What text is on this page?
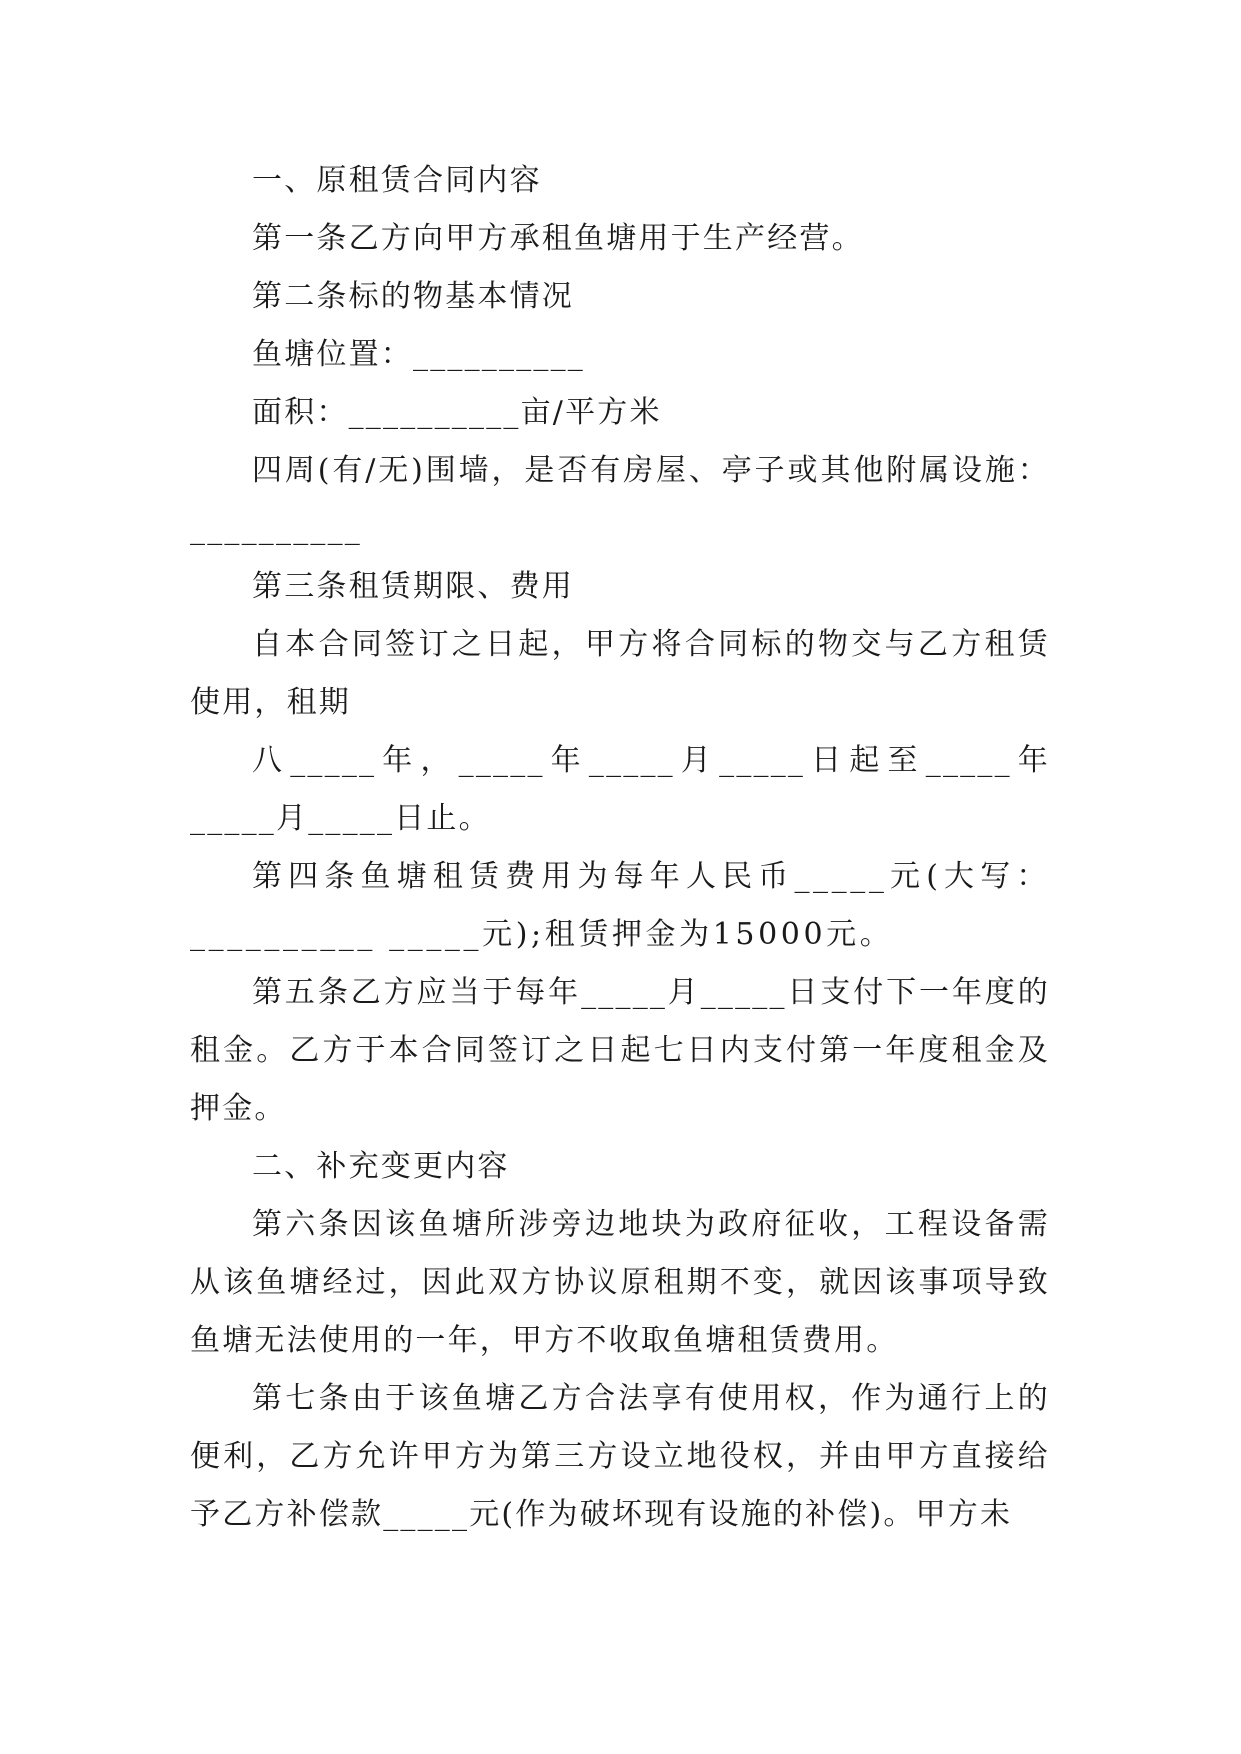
一、原租赁合同内容

第一条乙方向甲方承租鱼塘用于生产经营。

第二条标的物基本情况

鱼塘位置：__________

面积：__________亩/平方米

四周(有/无)围墙，是否有房屋、亭子或其他附属设施：__________

第三条租赁期限、费用

自本合同签订之日起，甲方将合同标的物交与乙方租赁使用，租期

八_____年，_____年_____月_____日起至_____年_____月_____日止。

第四条鱼塘租赁费用为每年人民币_____元(大写：__________ _____元);租赁押金为15000元。

第五条乙方应当于每年_____月_____日支付下一年度的租金。乙方于本合同签订之日起七日内支付第一年度租金及押金。

二、补充变更内容

第六条因该鱼塘所涉旁边地块为政府征收，工程设备需从该鱼塘经过，因此双方协议原租期不变，就因该事项导致鱼塘无法使用的一年，甲方不收取鱼塘租赁费用。

第七条由于该鱼塘乙方合法享有使用权，作为通行上的便利，乙方允许甲方为第三方设立地役权，并由甲方直接给予乙方补偿款_____元(作为破坏现有设施的补偿)。甲方未
